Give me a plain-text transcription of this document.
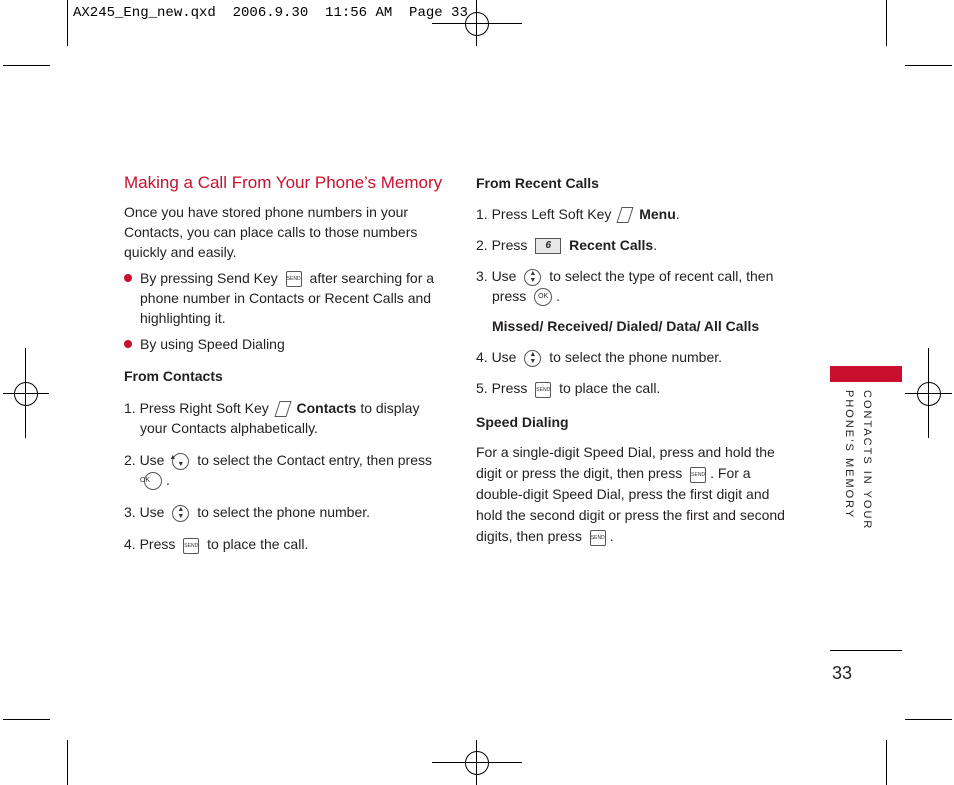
AX245_Eng_new.qxd  2006.9.30  11:56 AM  Page 33

Making a Call From Your Phone’s Memory

Once you have stored phone numbers in your Contacts, you can place calls to those numbers quickly and easily.

By pressing Send Key SEND after searching for a phone number in Contacts or Recent Calls and highlighting it.
By using Speed Dialing

From Contacts

1. Press Right Soft Key Contacts to display your Contacts alphabetically.
2. Use ▲
▼ to select the Contact entry, then press OK .
3. Use ▲
▼ to select the phone number.
4. Press SEND to place the call.

From Recent Calls

1. Press Left Soft Key Menu.
2. Press 6 Recent Calls.
3. Use ▲
▼ to select the type of recent call, then
press OK .

Missed/ Received/ Dialed/ Data/ All Calls

4. Use ▲
▼ to select the phone number.
5. Press SEND to place the call.

Speed Dialing

For a single-digit Speed Dial, press and hold the digit or press the digit, then press SEND . For a double-digit Speed Dial, press the first digit and hold the second digit or press the first and second digits, then press SEND .
CONTACTS IN YOUR
PHONE’S MEMORY
33
